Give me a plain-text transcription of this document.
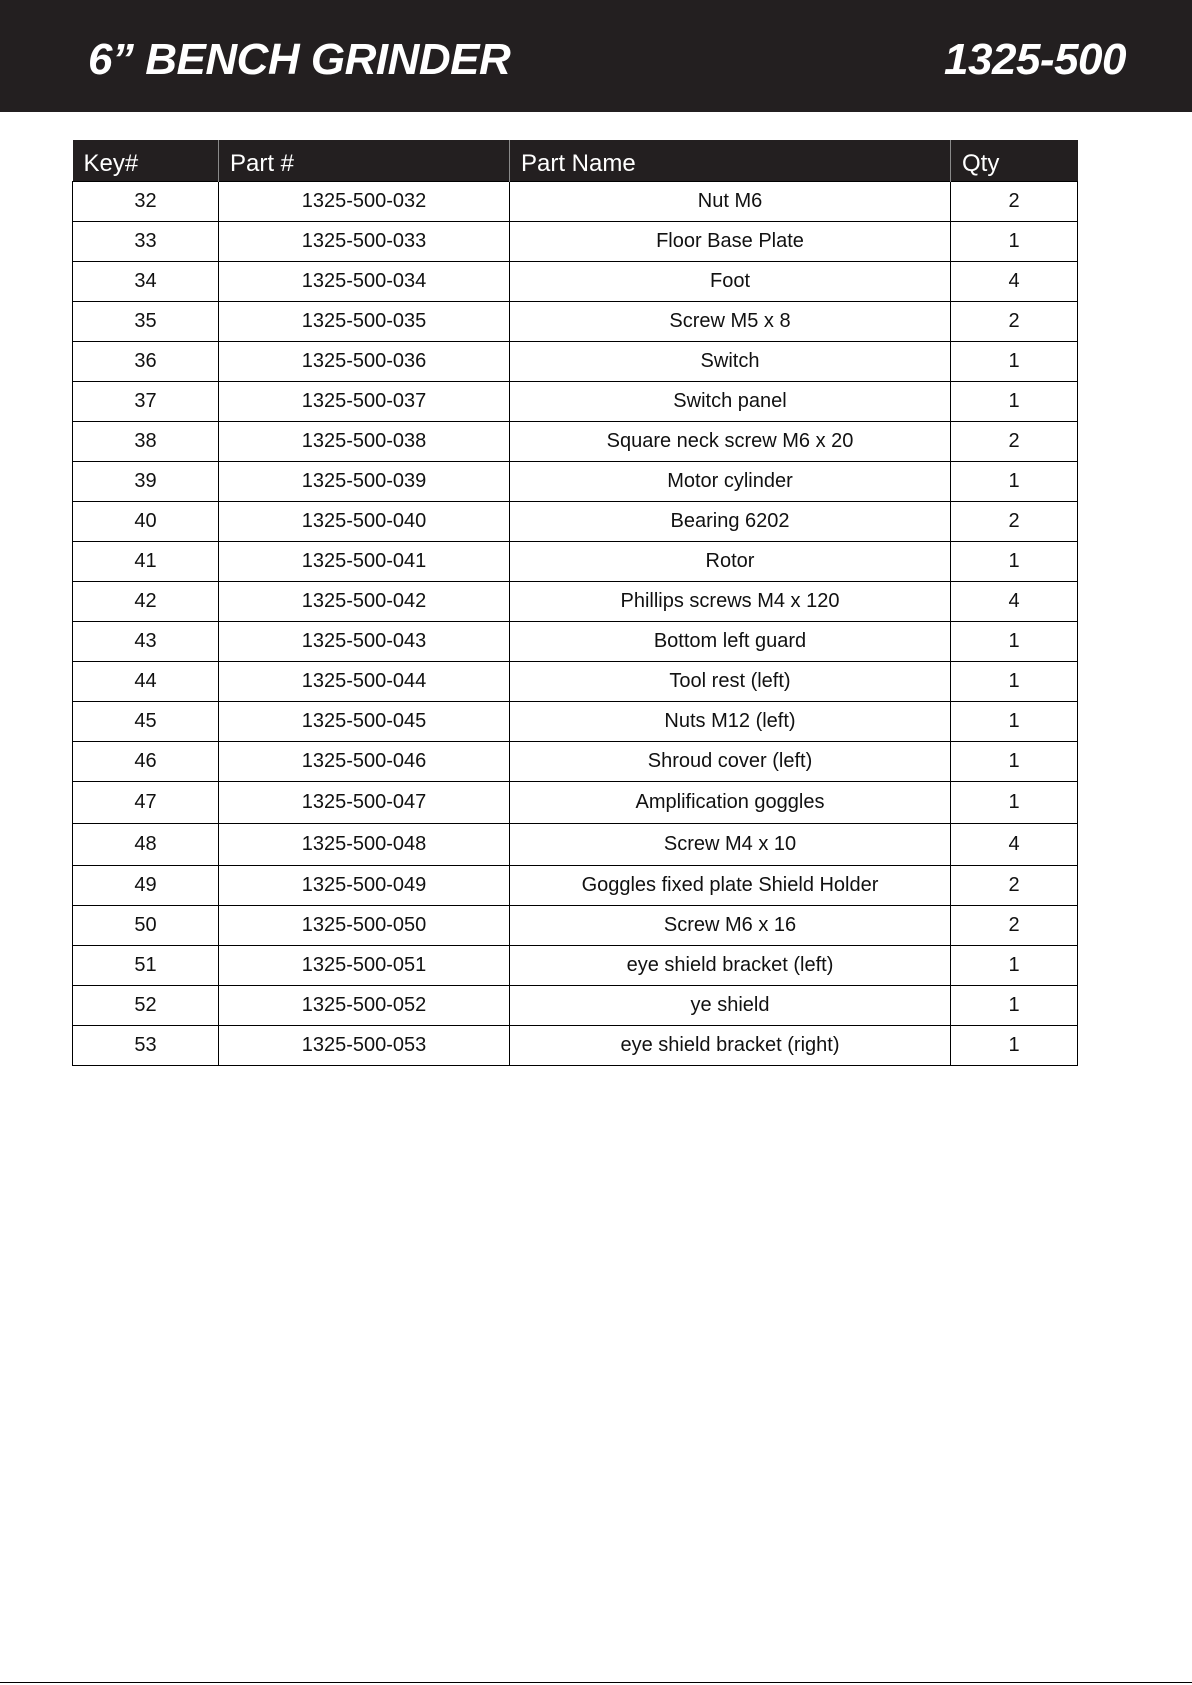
6” BENCH GRINDER	1325-500
Key#	Part #	Part Name	Qty
32	1325-500-032	Nut M6	2
33	1325-500-033	Floor Base Plate	1
34	1325-500-034	Foot	4
35	1325-500-035	Screw M5 x 8	2
36	1325-500-036	Switch	1
37	1325-500-037	Switch panel	1
38	1325-500-038	Square neck screw M6 x 20	2
39	1325-500-039	Motor cylinder	1
40	1325-500-040	Bearing 6202	2
41	1325-500-041	Rotor	1
42	1325-500-042	Phillips screws M4 x 120	4
43	1325-500-043	Bottom left guard	1
44	1325-500-044	Tool rest (left)	1
45	1325-500-045	Nuts M12 (left)	1
46	1325-500-046	Shroud cover (left)	1
47	1325-500-047	Amplification goggles	1
48	1325-500-048	Screw M4 x 10	4
49	1325-500-049	Goggles fixed plate Shield Holder	2
50	1325-500-050	Screw M6 x 16	2
51	1325-500-051	eye shield bracket (left)	1
52	1325-500-052	ye shield	1
53	1325-500-053	eye shield bracket (right)	1
